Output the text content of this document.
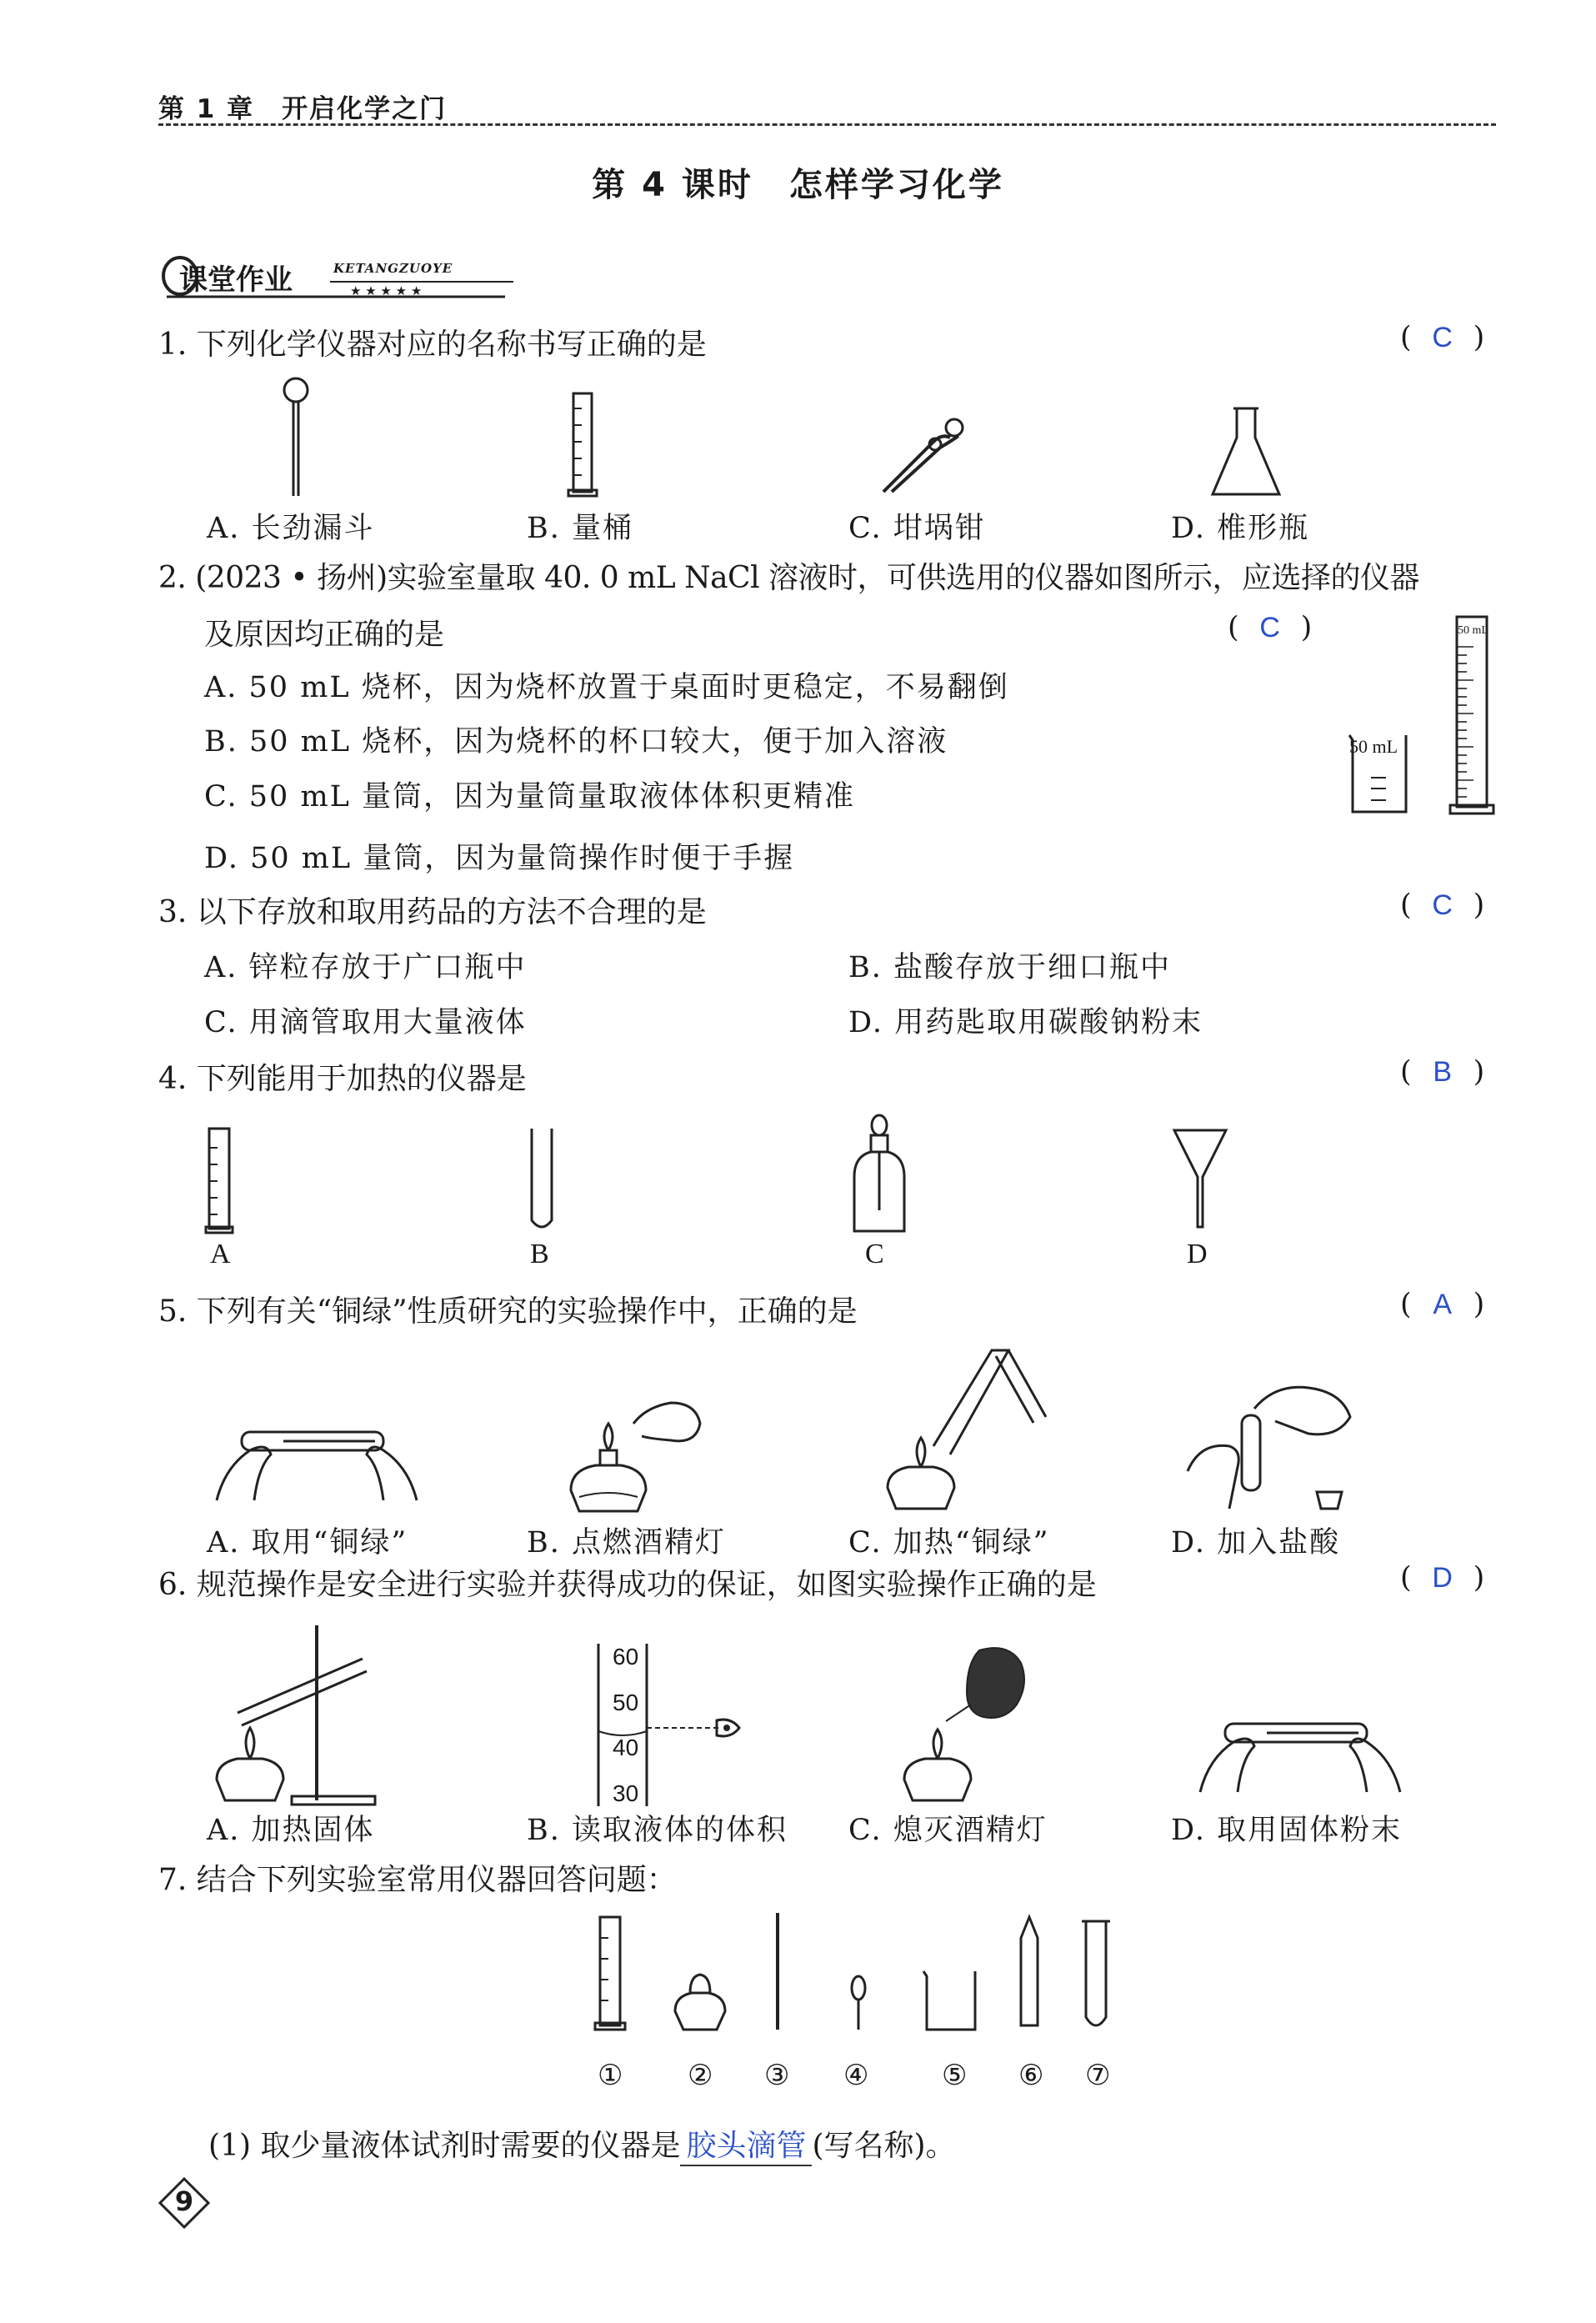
第 1 章　开启化学之门
第 4 课时　怎样学习化学
课堂作业	KETANGZUOYE
★ ★ ★ ★ ★
1. 下列化学仪器对应的名称书写正确的是	( C )
A. 长劲漏斗	B. 量桶	C. 坩埚钳	D. 椎形瓶
2. (2023 • 扬州)实验室量取 40. 0 mL NaCl 溶液时，可供选用的仪器如图所示，应选择的仪器
及原因均正确的是	( C )
A. 50 mL 烧杯，因为烧杯放置于桌面时更稳定，不易翻倒
B. 50 mL 烧杯，因为烧杯的杯口较大，便于加入溶液
C. 50 mL 量筒，因为量筒量取液体体积更精准
D. 50 mL 量筒，因为量筒操作时便于手握
50 mL
50 mL
3. 以下存放和取用药品的方法不合理的是	( C )
A. 锌粒存放于广口瓶中	B. 盐酸存放于细口瓶中
C. 用滴管取用大量液体	D. 用药匙取用碳酸钠粉末
4. 下列能用于加热的仪器是	( B )
A	B	C	D
5. 下列有关“铜绿”性质研究的实验操作中，正确的是	( A )
A. 取用“铜绿”	B. 点燃酒精灯	C. 加热“铜绿”	D. 加入盐酸
6. 规范操作是安全进行实验并获得成功的保证，如图实验操作正确的是	( D )
60
50
40
30
A. 加热固体	B. 读取液体的体积 C. 熄灭酒精灯	D. 取用固体粉末
7. 结合下列实验室常用仪器回答问题：
① ② ③ ④	⑤ ⑥ ⑦
(1) 取少量液体试剂时需要的仪器是 胶头滴管 (写名称)。
9
